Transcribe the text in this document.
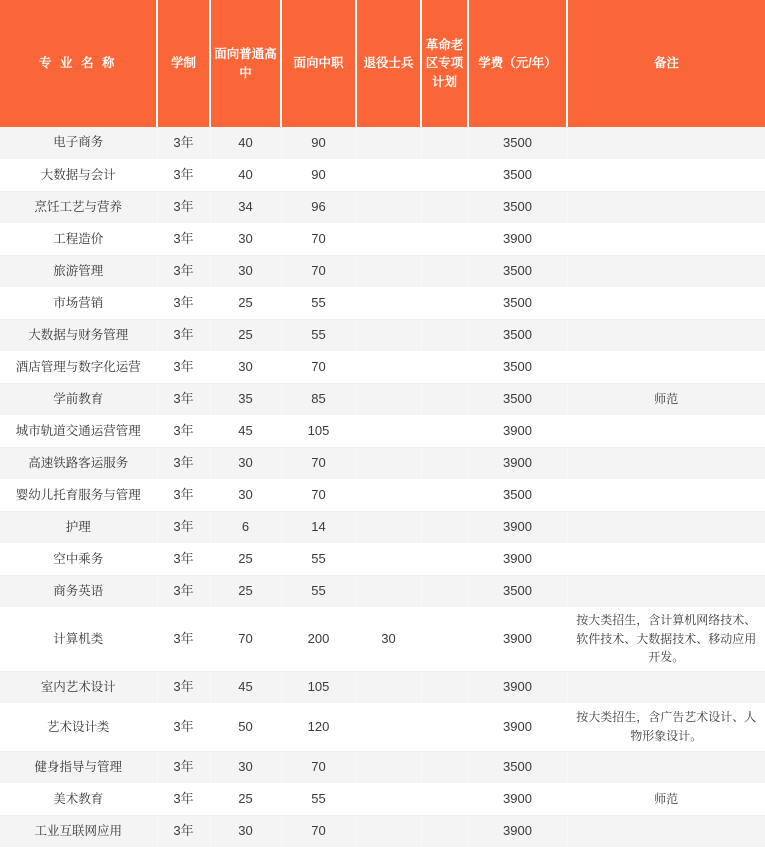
专 业 名 称	学制	面向普通高中	面向中职	退役士兵	革命老区专项计划	学费（元/年）	备注
电子商务	3年	40	90			3500	
大数据与会计	3年	40	90			3500	
烹饪工艺与营养	3年	34	96			3500	
工程造价	3年	30	70			3900	
旅游管理	3年	30	70			3500	
市场营销	3年	25	55			3500	
大数据与财务管理	3年	25	55			3500	
酒店管理与数字化运营	3年	30	70			3500	
学前教育	3年	35	85			3500	师范
城市轨道交通运营管理	3年	45	105			3900	
高速铁路客运服务	3年	30	70			3900	
婴幼儿托育服务与管理	3年	30	70			3500	
护理	3年	6	14			3900	
空中乘务	3年	25	55			3900	
商务英语	3年	25	55			3500	
计算机类	3年	70	200	30		3900	按大类招生，含计算机网络技术、软件技术、大数据技术、移动应用开发。
室内艺术设计	3年	45	105			3900	
艺术设计类	3年	50	120			3900	按大类招生，含广告艺术设计、人物形象设计。
健身指导与管理	3年	30	70			3500	
美术教育	3年	25	55			3900	师范
工业互联网应用	3年	30	70			3900	
